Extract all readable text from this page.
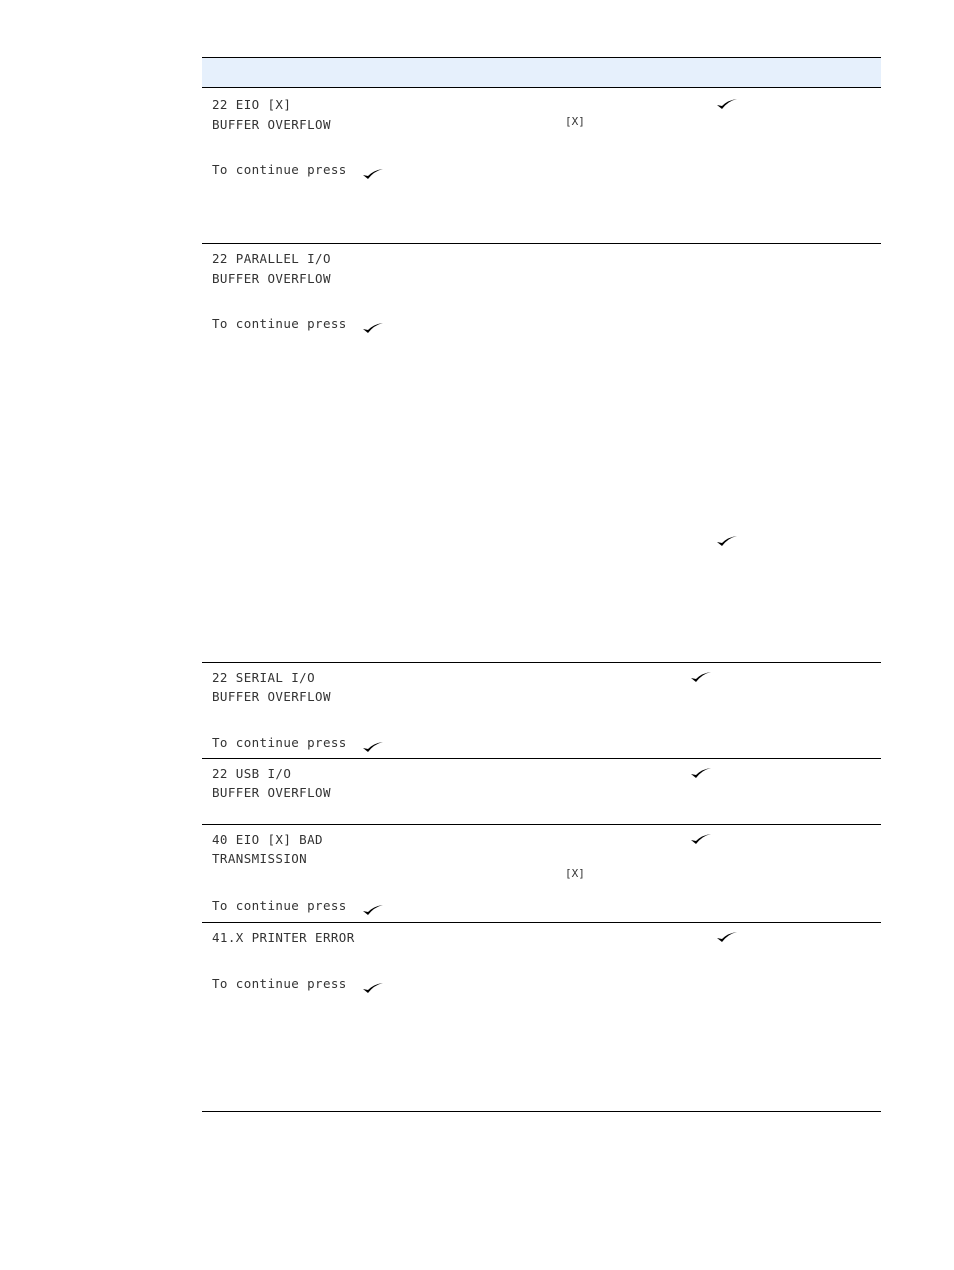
22 EIO [X]
BUFFER OVERFLOW
To continue press
[X]
22 PARALLEL I/O
BUFFER OVERFLOW
To continue press
22 SERIAL I/O
BUFFER OVERFLOW
To continue press
22 USB I/O
BUFFER OVERFLOW
40 EIO [X] BAD
TRANSMISSION
To continue press
[X]
41.X PRINTER ERROR
To continue press
